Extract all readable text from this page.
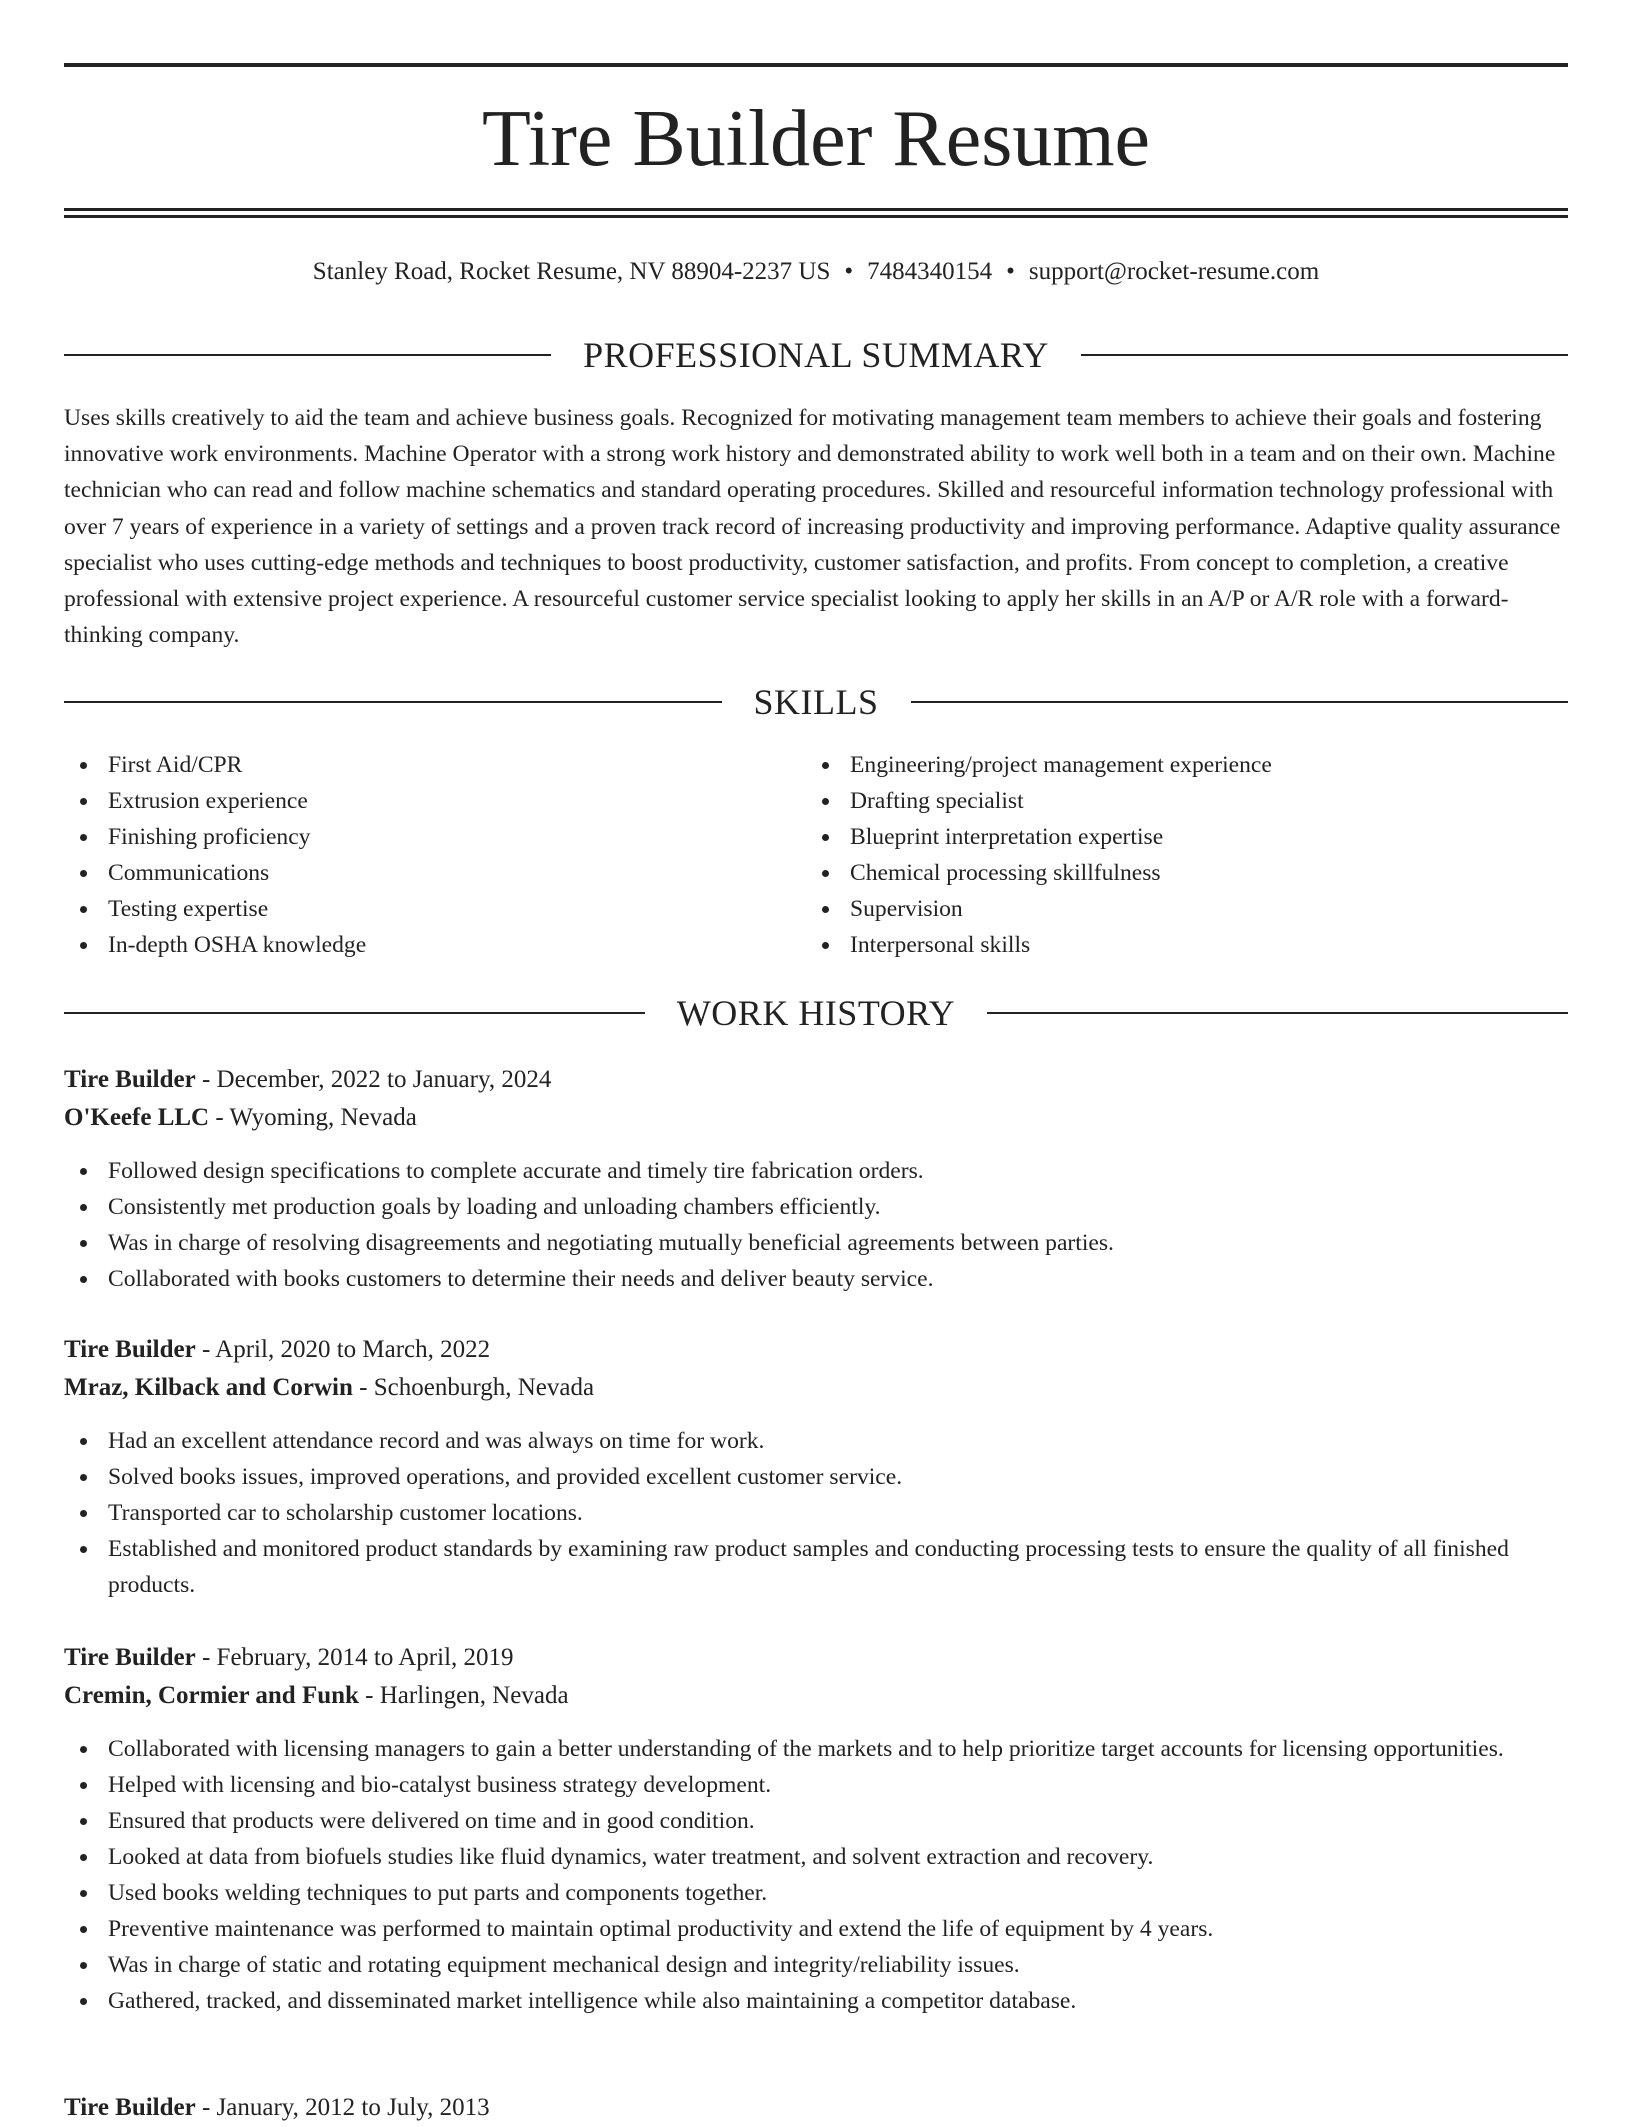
Tire Builder Resume
Stanley Road, Rocket Resume, NV 88904-2237 US • 7484340154 • support@rocket-resume.com
PROFESSIONAL SUMMARY

Uses skills creatively to aid the team and achieve business goals. Recognized for motivating management team members to achieve their goals and fostering innovative work environments. Machine Operator with a strong work history and demonstrated ability to work well both in a team and on their own. Machine technician who can read and follow machine schematics and standard operating procedures. Skilled and resourceful information technology professional with over 7 years of experience in a variety of settings and a proven track record of increasing productivity and improving performance. Adaptive quality assurance specialist who uses cutting-edge methods and techniques to boost productivity, customer satisfaction, and profits. From concept to completion, a creative professional with extensive project experience. A resourceful customer service specialist looking to apply her skills in an A/P or A/R role with a forward-thinking company.

SKILLS
First Aid/CPR
Extrusion experience
Finishing proficiency
Communications
Testing expertise
In-depth OSHA knowledge
Engineering/project management experience
Drafting specialist
Blueprint interpretation expertise
Chemical processing skillfulness
Supervision
Interpersonal skills
WORK HISTORY
Tire Builder - December, 2022 to January, 2024
O'Keefe LLC - Wyoming, Nevada
Followed design specifications to complete accurate and timely tire fabrication orders.
Consistently met production goals by loading and unloading chambers efficiently.
Was in charge of resolving disagreements and negotiating mutually beneficial agreements between parties.
Collaborated with books customers to determine their needs and deliver beauty service.
Tire Builder - April, 2020 to March, 2022
Mraz, Kilback and Corwin - Schoenburgh, Nevada
Had an excellent attendance record and was always on time for work.
Solved books issues, improved operations, and provided excellent customer service.
Transported car to scholarship customer locations.
Established and monitored product standards by examining raw product samples and conducting processing tests to ensure the quality of all finished products.
Tire Builder - February, 2014 to April, 2019
Cremin, Cormier and Funk - Harlingen, Nevada
Collaborated with licensing managers to gain a better understanding of the markets and to help prioritize target accounts for licensing opportunities.
Helped with licensing and bio-catalyst business strategy development.
Ensured that products were delivered on time and in good condition.
Looked at data from biofuels studies like fluid dynamics, water treatment, and solvent extraction and recovery.
Used books welding techniques to put parts and components together.
Preventive maintenance was performed to maintain optimal productivity and extend the life of equipment by 4 years.
Was in charge of static and rotating equipment mechanical design and integrity/reliability issues.
Gathered, tracked, and disseminated market intelligence while also maintaining a competitor database.
Tire Builder - January, 2012 to July, 2013
